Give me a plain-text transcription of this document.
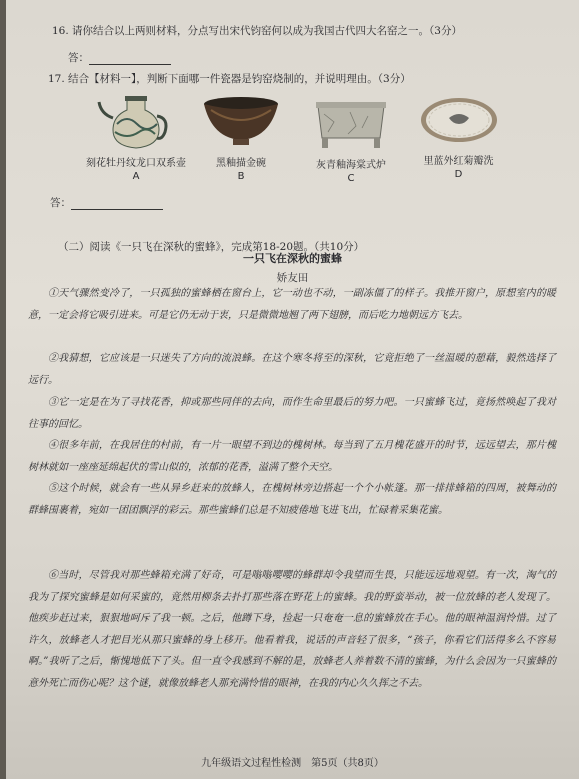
16. 请你结合以上两则材料，分点写出宋代钧窑何以成为我国古代四大名窑之一。（3分）
答：
17. 结合【材料一】，判断下面哪一件瓷器是钧窑烧制的，并说明理由。（3分）
刻花牡丹纹龙口双系壶
A
黑釉描金碗
B
灰青釉海棠式炉
C
里蓝外红菊瓣洗
D
答：
（二）阅读《一只飞在深秋的蜜蜂》，完成第18-20题。（共10分）
一只飞在深秋的蜜蜂
娇友田
①天气骤然变冷了，一只孤独的蜜蜂栖在窗台上，它一动也不动，一副冻僵了的样子。我推开窗户，原想室内的暖意，一定会将它吸引进来。可是它仍无动于衷，只是微微地翘了两下翅膀，而后吃力地朝远方飞去。
②我猜想，它应该是一只迷失了方向的流浪蜂。在这个寒冬将至的深秋，它竟拒绝了一丝温暖的憩藉，毅然选择了远行。
③它一定是在为了寻找花香，抑或那些同伴的去向，而作生命里最后的努力吧。一只蜜蜂飞过，竟扬然唤起了我对往事的回忆。
④很多年前，在我居住的村前，有一片一眼望不到边的槐树林。每当到了五月槐花盛开的时节，远远望去，那片槐树林就如一座座延绵起伏的雪山似的，浓郁的花香，溢满了整个天空。
⑤这个时候，就会有一些从异乡赶来的放蜂人，在槐树林旁边搭起一个个小帐篷。那一排排蜂箱的四周，被舞动的群蜂围裹着，宛如一团团飘浮的彩云。那些蜜蜂们总是不知疲倦地飞进飞出，忙碌着采集花蜜。
⑥当时，尽管我对那些蜂箱充满了好奇，可是嗡嗡嘤嘤的蜂群却令我望而生畏，只能远远地观望。有一次，淘气的我为了探究蜜蜂是如何采蜜的，竟然用柳条去扑打那些落在野花上的蜜蜂。我的野蛮举动，被一位放蜂的老人发现了。他疾步赶过来，狠狠地呵斥了我一顿。之后，他蹲下身，捡起一只奄奄一息的蜜蜂放在手心。他的眼神温润怜惜。过了许久，放蜂老人才把目光从那只蜜蜂的身上移开。他看着我，说话的声音轻了很多，“孩子，你看它们活得多么不容易啊。”我听了之后，惭愧地低下了头。但一直令我感到不解的是，放蜂老人养着数不清的蜜蜂，为什么会因为一只蜜蜂的意外死亡而伤心呢？这个谜，就像放蜂老人那充满怜惜的眼神，在我的内心久久挥之不去。
九年级语文过程性检测　第5页（共8页）
